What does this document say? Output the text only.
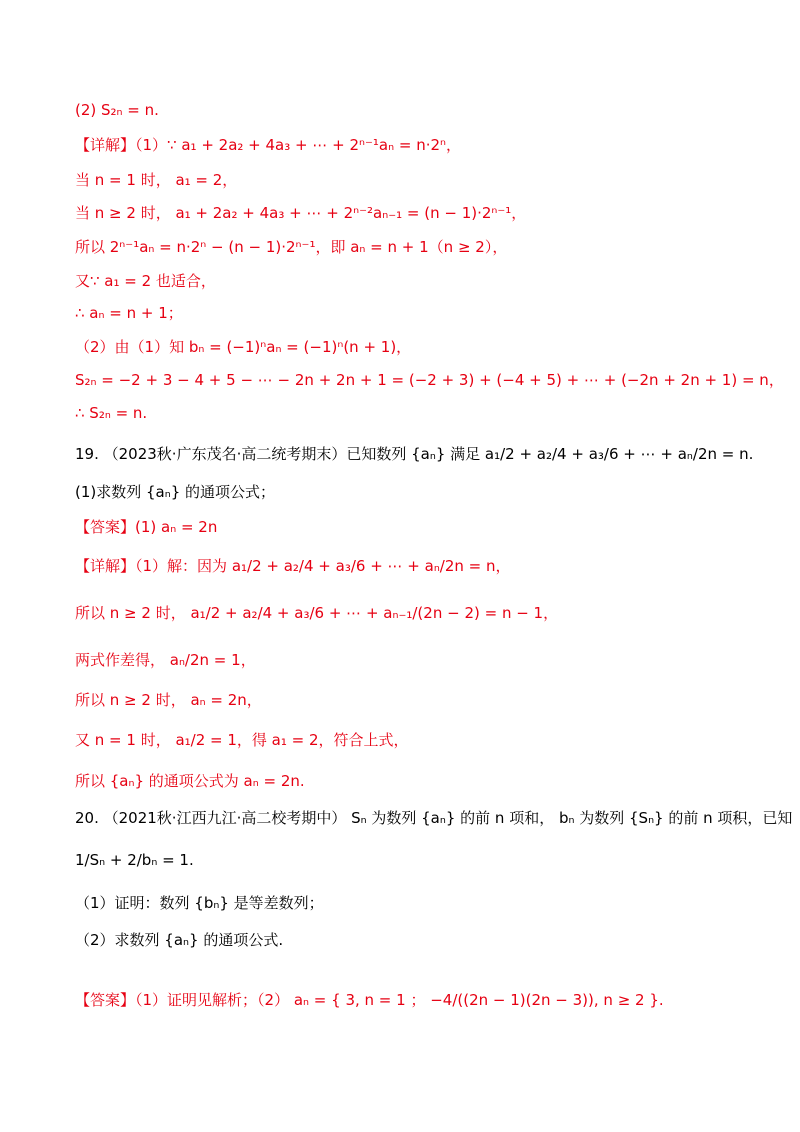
(2) S₂ₙ = n.
【详解】（1）∵ a₁ + 2a₂ + 4a₃ + ⋯ + 2ⁿ⁻¹aₙ = n·2ⁿ，
当 n = 1 时， a₁ = 2，
当 n ≥ 2 时， a₁ + 2a₂ + 4a₃ + ⋯ + 2ⁿ⁻²aₙ₋₁ = (n − 1)·2ⁿ⁻¹，
所以 2ⁿ⁻¹aₙ = n·2ⁿ − (n − 1)·2ⁿ⁻¹，即 aₙ = n + 1（n ≥ 2），
又∵ a₁ = 2 也适合，
∴ aₙ = n + 1；
（2）由（1）知 bₙ = (−1)ⁿaₙ = (−1)ⁿ(n + 1)，
S₂ₙ = −2 + 3 − 4 + 5 − ⋯ − 2n + 2n + 1 = (−2 + 3) + (−4 + 5) + ⋯ + (−2n + 2n + 1) = n，
∴ S₂ₙ = n.
19. （2023秋·广东茂名·高二统考期末）已知数列 {aₙ} 满足 a₁/2 + a₂/4 + a₃/6 + ⋯ + aₙ/2n = n.
(1)求数列 {aₙ} 的通项公式；
【答案】(1) aₙ = 2n
【详解】（1）解：因为 a₁/2 + a₂/4 + a₃/6 + ⋯ + aₙ/2n = n，
所以 n ≥ 2 时， a₁/2 + a₂/4 + a₃/6 + ⋯ + aₙ₋₁/(2n − 2) = n − 1，
两式作差得， aₙ/2n = 1，
所以 n ≥ 2 时， aₙ = 2n，
又 n = 1 时， a₁/2 = 1，得 a₁ = 2，符合上式，
所以 {aₙ} 的通项公式为 aₙ = 2n.
20. （2021秋·江西九江·高二校考期中） Sₙ 为数列 {aₙ} 的前 n 项和， bₙ 为数列 {Sₙ} 的前 n 项积，已知
1/Sₙ + 2/bₙ = 1.
（1）证明：数列 {bₙ} 是等差数列；
（2）求数列 {aₙ} 的通项公式.
【答案】（1）证明见解析；（2） aₙ = { 3, n = 1 ； −4/((2n − 1)(2n − 3)), n ≥ 2 }.
